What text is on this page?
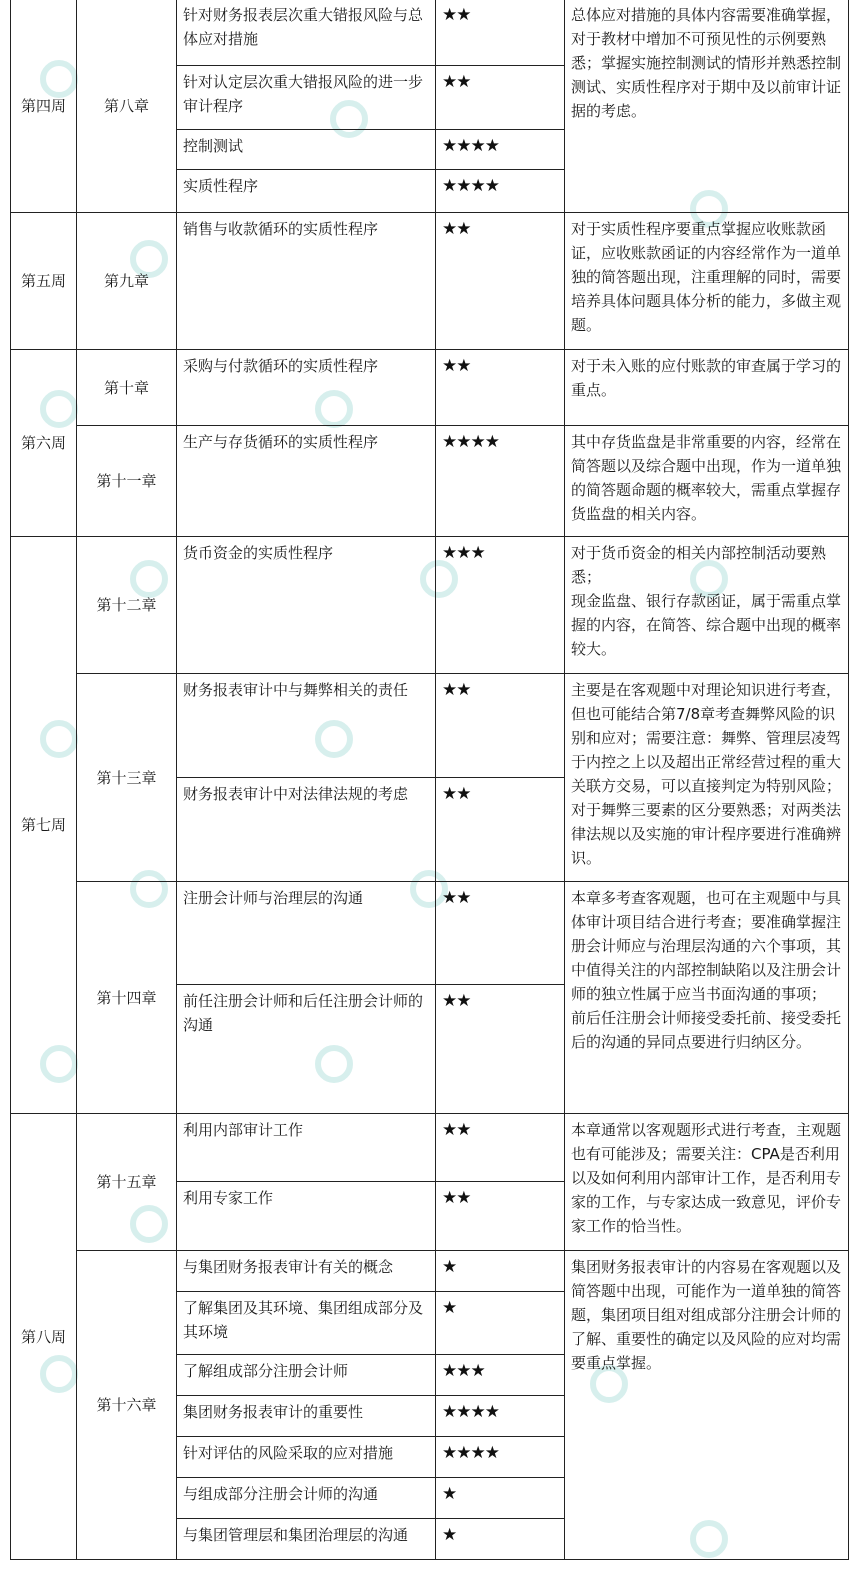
第四周	第八章	针对财务报表层次重大错报风险与总体应对措施	★★	总体应对措施的具体内容需要准确掌握，对于教材中增加不可预见性的示例要熟悉；掌握实施控制测试的情形并熟悉控制测试、实质性程序对于期中及以前审计证据的考虑。
		针对认定层次重大错报风险的进一步审计程序	★★	
		控制测试	★★★★	
		实质性程序	★★★★	
第五周	第九章	销售与收款循环的实质性程序	★★	对于实质性程序要重点掌握应收账款函证，应收账款函证的内容经常作为一道单独的简答题出现，注重理解的同时，需要培养具体问题具体分析的能力，多做主观题。
第六周	第十章	采购与付款循环的实质性程序	★★	对于未入账的应付账款的审查属于学习的重点。
	第十一章	生产与存货循环的实质性程序	★★★★	其中存货监盘是非常重要的内容，经常在简答题以及综合题中出现，作为一道单独的简答题命题的概率较大，需重点掌握存货监盘的相关内容。
第七周	第十二章	货币资金的实质性程序	★★★	对于货币资金的相关内部控制活动要熟悉；
现金监盘、银行存款函证，属于需重点掌握的内容，在简答、综合题中出现的概率较大。

	第十三章	财务报表审计中与舞弊相关的责任	★★	主要是在客观题中对理论知识进行考查，但也可能结合第7/8章考查舞弊风险的识别和应对；需要注意：舞弊、管理层凌驾于内控之上以及超出正常经营过程的重大关联方交易，可以直接判定为特别风险；对于舞弊三要素的区分要熟悉；对两类法律法规以及实施的审计程序要进行准确辨识。
		财务报表审计中对法律法规的考虑	★★	
	第十四章	注册会计师与治理层的沟通	★★	本章多考查客观题，也可在主观题中与具体审计项目结合进行考查；要准确掌握注册会计师应与治理层沟通的六个事项，其中值得关注的内部控制缺陷以及注册会计师的独立性属于应当书面沟通的事项；
前后任注册会计师接受委托前、接受委托后的沟通的异同点要进行归纳区分。

		前任注册会计师和后任注册会计师的沟通	★★	
第八周	第十五章	利用内部审计工作	★★	本章通常以客观题形式进行考查，主观题也有可能涉及；需要关注：CPA是否利用以及如何利用内部审计工作，是否利用专家的工作，与专家达成一致意见，评价专家工作的恰当性。
		利用专家工作	★★	
	第十六章	与集团财务报表审计有关的概念	★	集团财务报表审计的内容易在客观题以及简答题中出现，可能作为一道单独的简答题，集团项目组对组成部分注册会计师的了解、重要性的确定以及风险的应对均需要重点掌握。
		了解集团及其环境、集团组成部分及其环境	★	
		了解组成部分注册会计师	★★★	
		集团财务报表审计的重要性	★★★★	
		针对评估的风险采取的应对措施	★★★★	
		与组成部分注册会计师的沟通	★	
		与集团管理层和集团治理层的沟通	★	
